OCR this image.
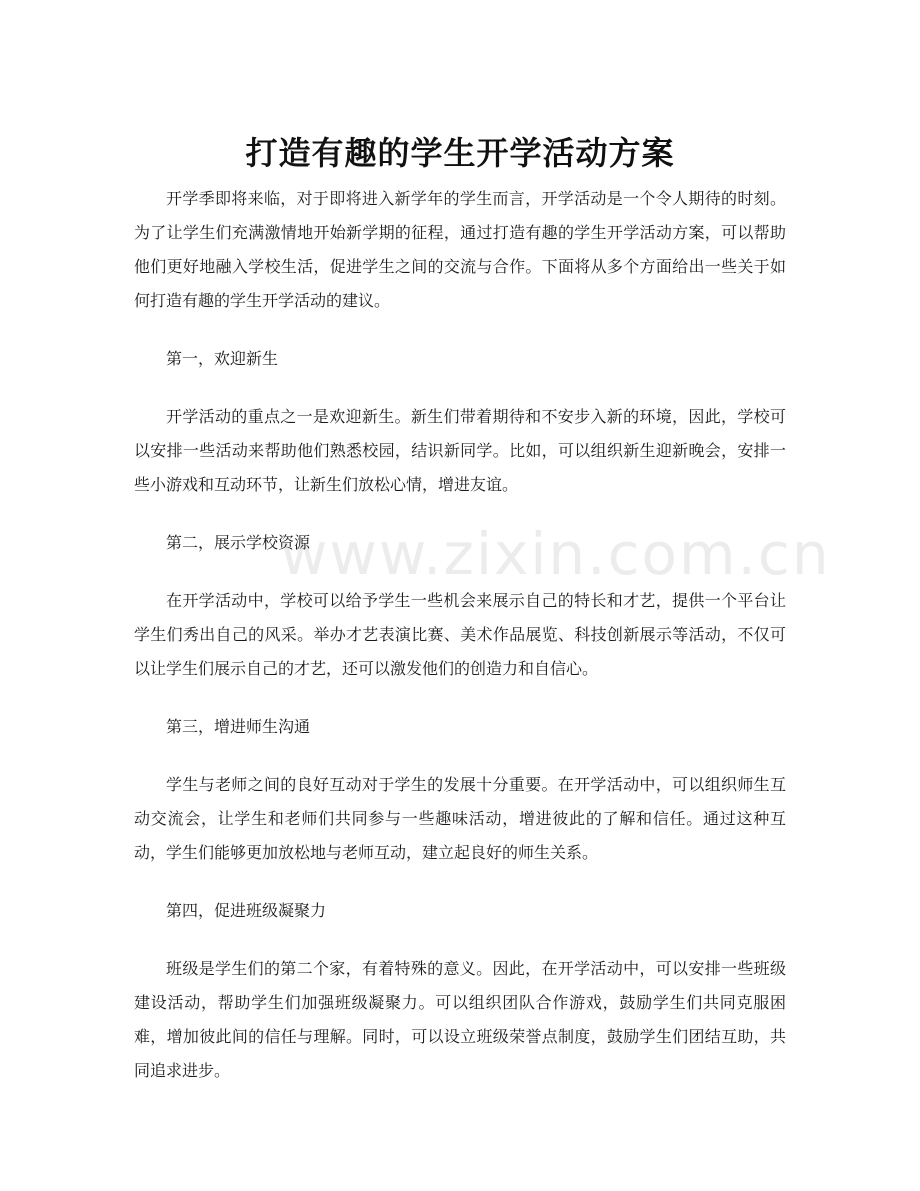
www.zixin.com.cn
打造有趣的学生开学活动方案

开学季即将来临，对于即将进入新学年的学生而言，开学活动是一个令人期待的时刻。为了让学生们充满激情地开始新学期的征程，通过打造有趣的学生开学活动方案，可以帮助他们更好地融入学校生活，促进学生之间的交流与合作。下面将从多个方面给出一些关于如何打造有趣的学生开学活动的建议。

第一，欢迎新生

开学活动的重点之一是欢迎新生。新生们带着期待和不安步入新的环境，因此，学校可以安排一些活动来帮助他们熟悉校园，结识新同学。比如，可以组织新生迎新晚会，安排一些小游戏和互动环节，让新生们放松心情，增进友谊。

第二，展示学校资源

在开学活动中，学校可以给予学生一些机会来展示自己的特长和才艺，提供一个平台让学生们秀出自己的风采。举办才艺表演比赛、美术作品展览、科技创新展示等活动，不仅可以让学生们展示自己的才艺，还可以激发他们的创造力和自信心。

第三，增进师生沟通

学生与老师之间的良好互动对于学生的发展十分重要。在开学活动中，可以组织师生互动交流会，让学生和老师们共同参与一些趣味活动，增进彼此的了解和信任。通过这种互动，学生们能够更加放松地与老师互动，建立起良好的师生关系。

第四，促进班级凝聚力

班级是学生们的第二个家，有着特殊的意义。因此，在开学活动中，可以安排一些班级建设活动，帮助学生们加强班级凝聚力。可以组织团队合作游戏，鼓励学生们共同克服困难，增加彼此间的信任与理解。同时，可以设立班级荣誉点制度，鼓励学生们团结互助，共同追求进步。
